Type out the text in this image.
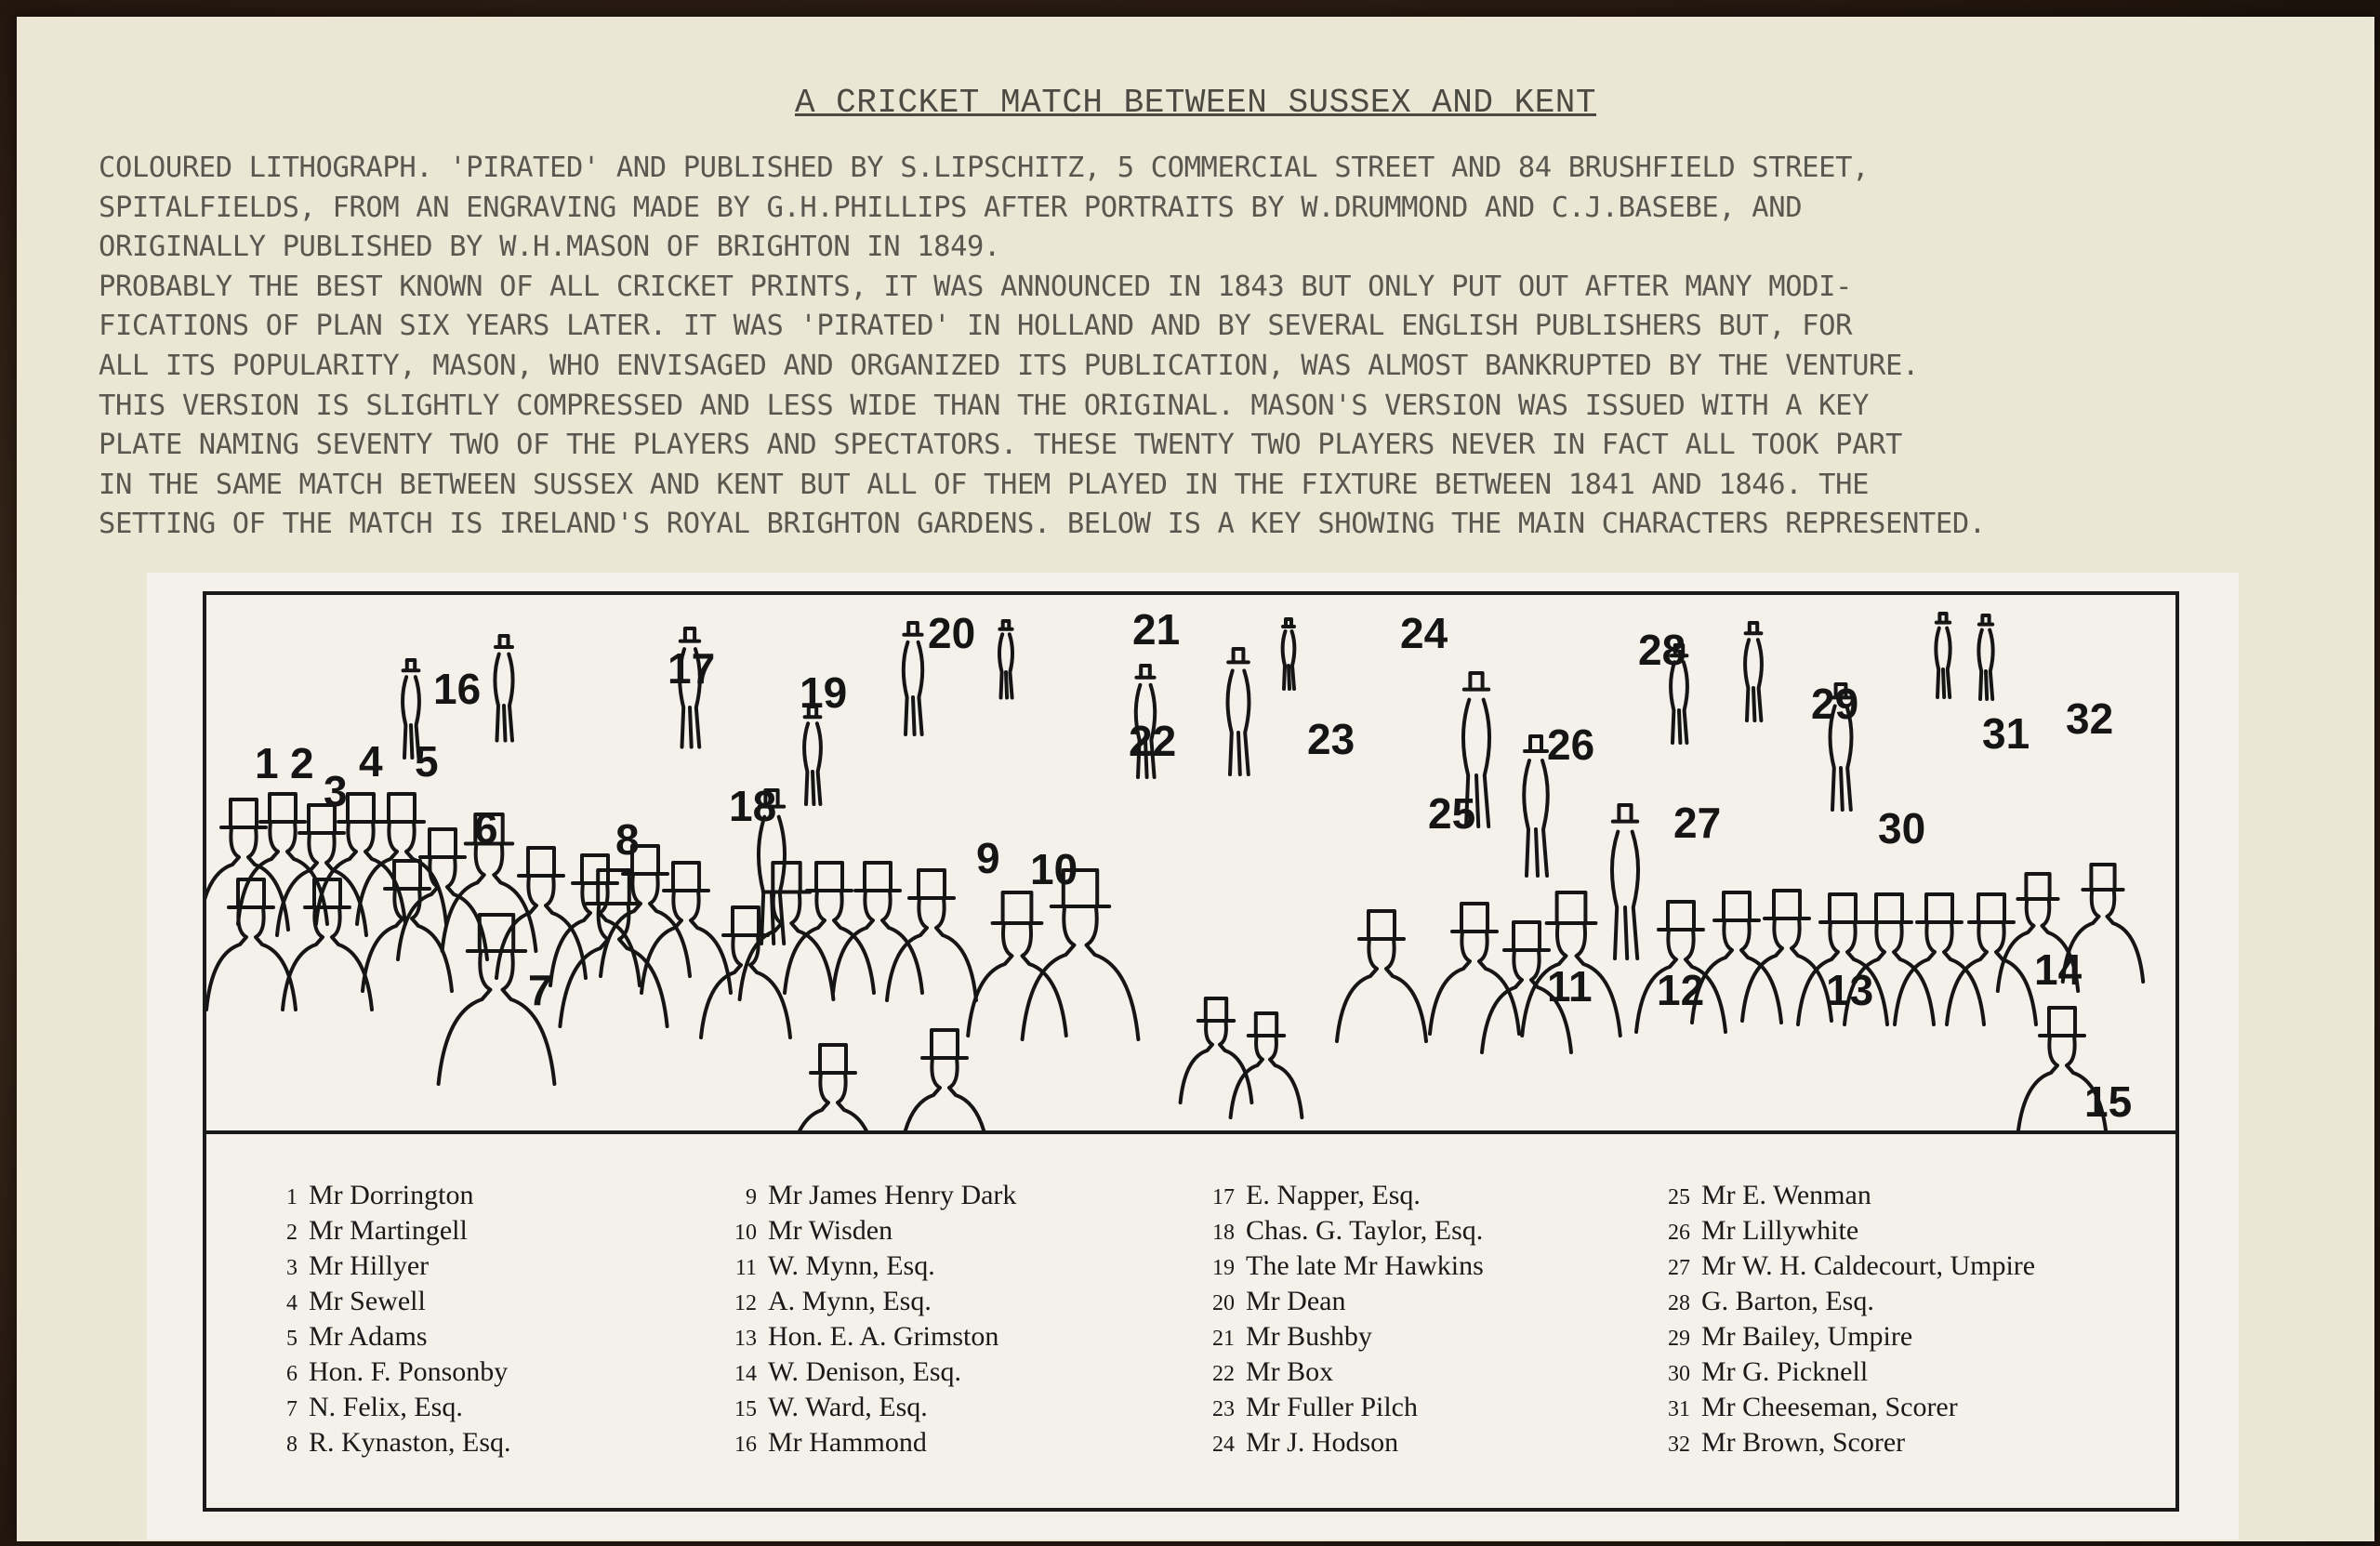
A CRICKET MATCH BETWEEN SUSSEX AND KENT
COLOURED LITHOGRAPH. 'PIRATED' AND PUBLISHED BY S.LIPSCHITZ, 5 COMMERCIAL STREET AND 84 BRUSHFIELD STREET,
SPITALFIELDS, FROM AN ENGRAVING MADE BY G.H.PHILLIPS AFTER PORTRAITS BY W.DRUMMOND AND C.J.BASEBE, AND
ORIGINALLY PUBLISHED BY W.H.MASON OF BRIGHTON IN 1849.
PROBABLY THE BEST KNOWN OF ALL CRICKET PRINTS, IT WAS ANNOUNCED IN 1843 BUT ONLY PUT OUT AFTER MANY MODI-
FICATIONS OF PLAN SIX YEARS LATER. IT WAS 'PIRATED' IN HOLLAND AND BY SEVERAL ENGLISH PUBLISHERS BUT, FOR
ALL ITS POPULARITY, MASON, WHO ENVISAGED AND ORGANIZED ITS PUBLICATION, WAS ALMOST BANKRUPTED BY THE VENTURE.
THIS VERSION IS SLIGHTLY COMPRESSED AND LESS WIDE THAN THE ORIGINAL. MASON'S VERSION WAS ISSUED WITH A KEY
PLATE NAMING SEVENTY TWO OF THE PLAYERS AND SPECTATORS. THESE TWENTY TWO PLAYERS NEVER IN FACT ALL TOOK PART
IN THE SAME MATCH BETWEEN SUSSEX AND KENT BUT ALL OF THEM PLAYED IN THE FIXTURE BETWEEN 1841 AND 1846. THE
SETTING OF THE MATCH IS IRELAND'S ROYAL BRIGHTON GARDENS. BELOW IS A KEY SHOWING THE MAIN CHARACTERS REPRESENTED.
1 2
3
4 5
6
7
8	9 10
11 12	13	14
15
16	17
18
19
20	21
22	23
24
25
26
27
28
29
30
31 32
1 Mr Dorrington
2 Mr Martingell
3 Mr Hillyer
4 Mr Sewell
5 Mr Adams
6 Hon. F. Ponsonby
7 N. Felix, Esq.
8 R. Kynaston, Esq.
9 Mr James Henry Dark
10 Mr Wisden
11 W. Mynn, Esq.
12 A. Mynn, Esq.
13 Hon. E. A. Grimston
14 W. Denison, Esq.
15 W. Ward, Esq.
16 Mr Hammond
17 E. Napper, Esq.
18 Chas. G. Taylor, Esq.
19 The late Mr Hawkins
20 Mr Dean
21 Mr Bushby
22 Mr Box
23 Mr Fuller Pilch
24 Mr J. Hodson
25 Mr E. Wenman
26 Mr Lillywhite
27 Mr W. H. Caldecourt, Umpire
28 G. Barton, Esq.
29 Mr Bailey, Umpire
30 Mr G. Picknell
31 Mr Cheeseman, Scorer
32 Mr Brown, Scorer
